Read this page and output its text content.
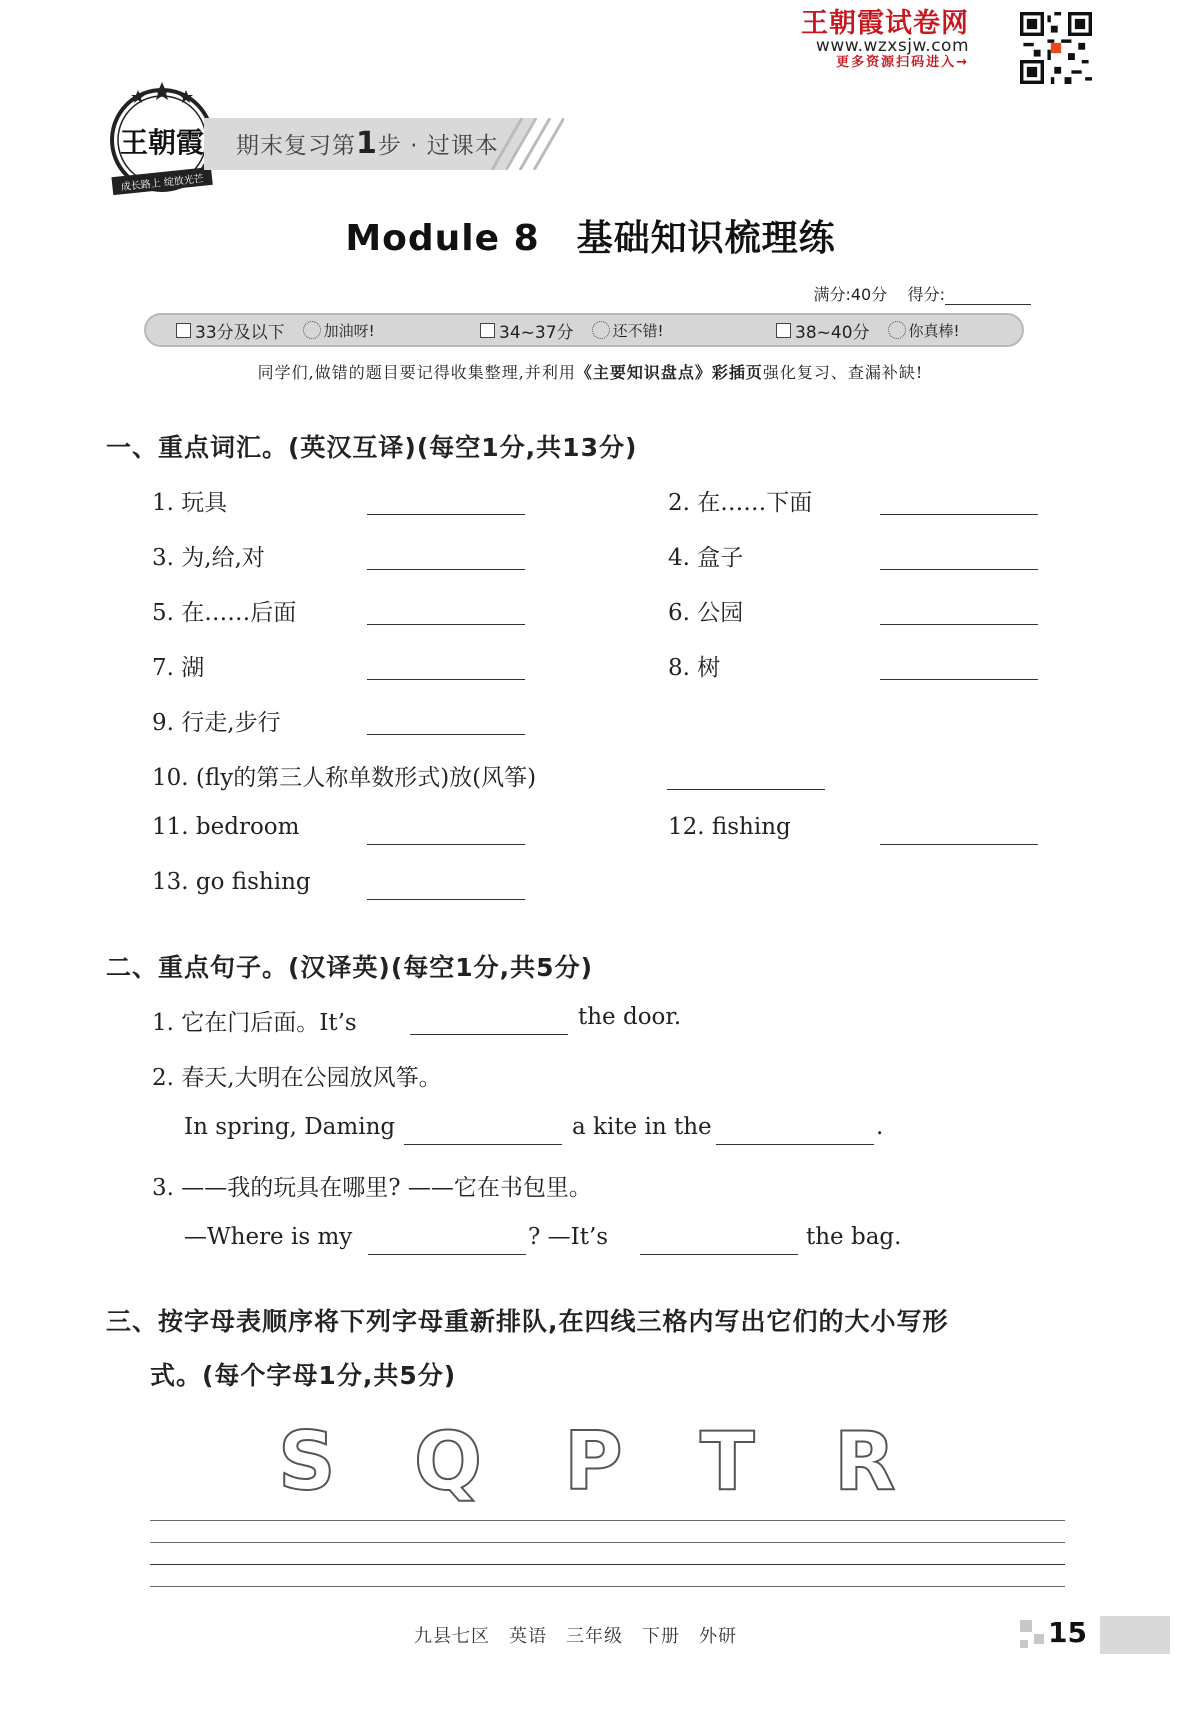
王朝霞试卷网
www.wzxsjw.com
更多资源扫码进入→
王朝霞
成长路上 绽放光芒
期末复习第1步 · 过课本
Module 8　基础知识梳理练
满分:40分 得分:
33分及以下	加油呀!	34~37分	还不错!	38~40分	你真棒!
同学们,做错的题目要记得收集整理,并利用《主要知识盘点》彩插页强化复习、查漏补缺!
一、重点词汇。(英汉互译)(每空1分,共13分)
1. 玩具	2. 在……下面
3. 为,给,对	4. 盒子
5. 在……后面	6. 公园
7. 湖	8. 树
9. 行走,步行
10. (fly的第三人称单数形式)放(风筝)
11. bedroom	12. fishing
13. go fishing
二、重点句子。(汉译英)(每空1分,共5分)
1. 它在门后面。It’s	the door.
2. 春天,大明在公园放风筝。
In spring, Daming	a kite in the	.
3. ——我的玩具在哪里? ——它在书包里。
—Where is my	? —It’s	the bag.
三、按字母表顺序将下列字母重新排队,在四线三格内写出它们的大小写形
式。(每个字母1分,共5分)
S Q P T R
九县七区　英语　三年级　下册　外研	15
